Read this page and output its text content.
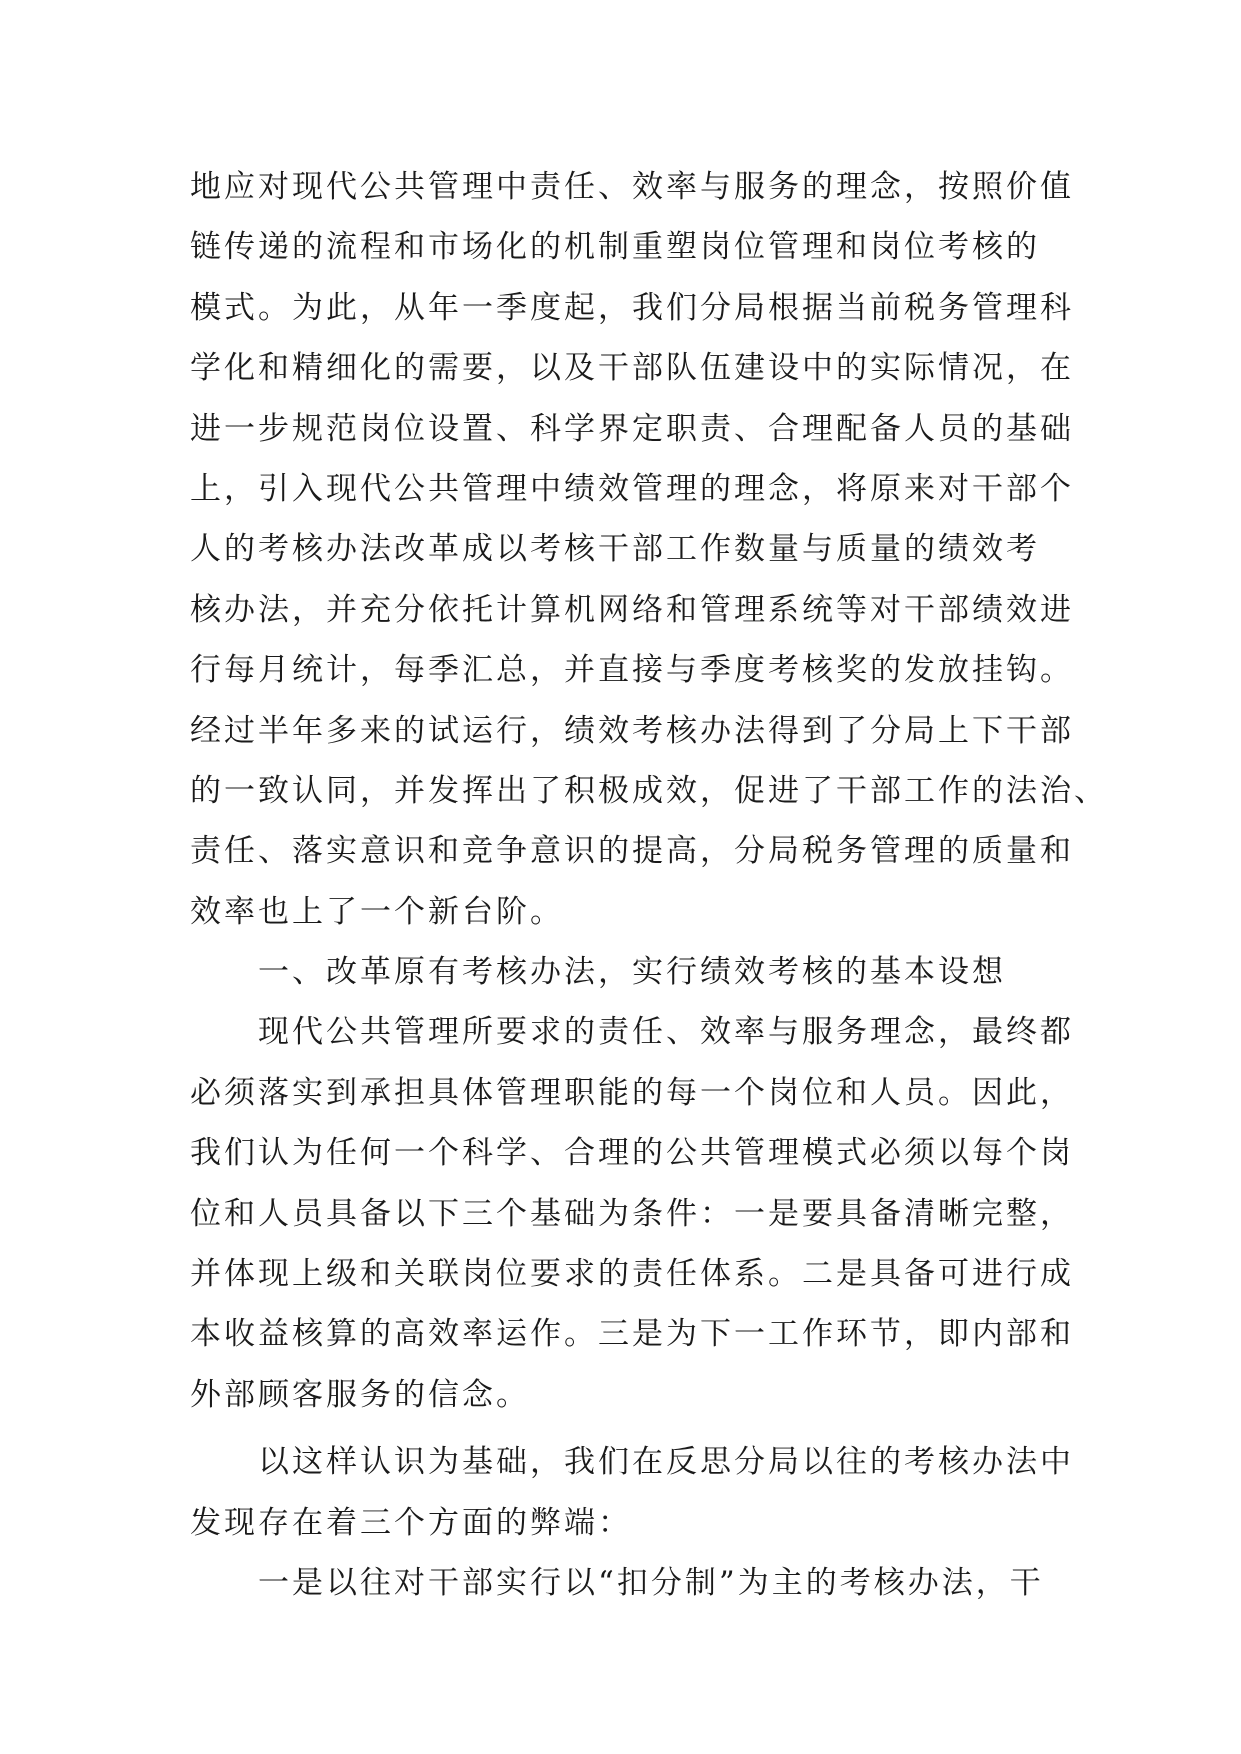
地应对现代公共管理中责任、效率与服务的理念，按照价值
链传递的流程和市场化的机制重塑岗位管理和岗位考核的
模式。为此，从年一季度起，我们分局根据当前税务管理科
学化和精细化的需要，以及干部队伍建设中的实际情况，在
进一步规范岗位设置、科学界定职责、合理配备人员的基础
上，引入现代公共管理中绩效管理的理念，将原来对干部个
人的考核办法改革成以考核干部工作数量与质量的绩效考
核办法，并充分依托计算机网络和管理系统等对干部绩效进
行每月统计，每季汇总，并直接与季度考核奖的发放挂钩。
经过半年多来的试运行，绩效考核办法得到了分局上下干部
的一致认同，并发挥出了积极成效，促进了干部工作的法治、
责任、落实意识和竞争意识的提高，分局税务管理的质量和
效率也上了一个新台阶。
一、改革原有考核办法，实行绩效考核的基本设想
现代公共管理所要求的责任、效率与服务理念，最终都
必须落实到承担具体管理职能的每一个岗位和人员。因此，
我们认为任何一个科学、合理的公共管理模式必须以每个岗
位和人员具备以下三个基础为条件：一是要具备清晰完整，
并体现上级和关联岗位要求的责任体系。二是具备可进行成
本收益核算的高效率运作。三是为下一工作环节，即内部和
外部顾客服务的信念。
以这样认识为基础，我们在反思分局以往的考核办法中
发现存在着三个方面的弊端：
一是以往对干部实行以“扣分制”为主的考核办法，干
